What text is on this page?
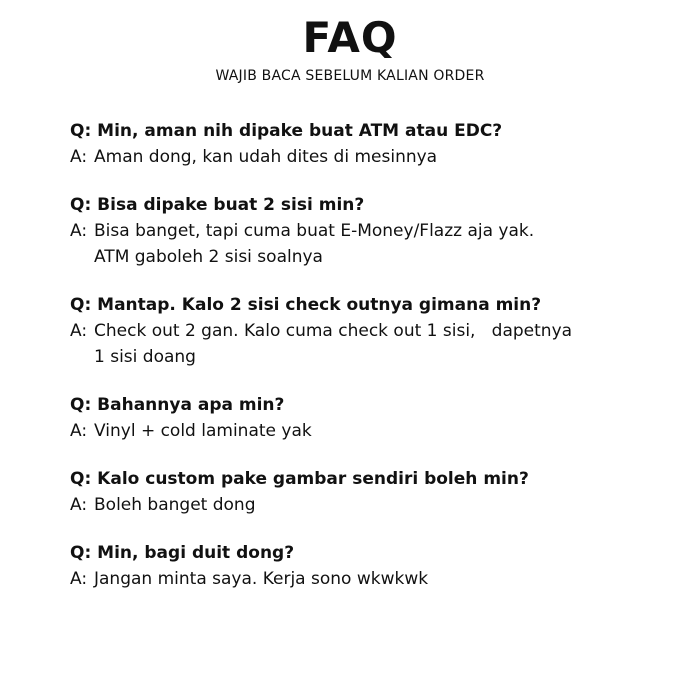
FAQ
WAJIB BACA SEBELUM KALIAN ORDER
Q: Min, aman nih dipake buat ATM atau EDC?
A: Aman dong, kan udah dites di mesinnya
Q: Bisa dipake buat 2 sisi min?
A: Bisa banget, tapi cuma buat E-Money/Flazz aja yak.
ATM gaboleh 2 sisi soalnya
Q: Mantap. Kalo 2 sisi check outnya gimana min?
A: Check out 2 gan. Kalo cuma check out 1 sisi,   dapetnya
1 sisi doang
Q: Bahannya apa min?
A: Vinyl + cold laminate yak
Q: Kalo custom pake gambar sendiri boleh min?
A: Boleh banget dong
Q: Min, bagi duit dong?
A: Jangan minta saya. Kerja sono wkwkwk
